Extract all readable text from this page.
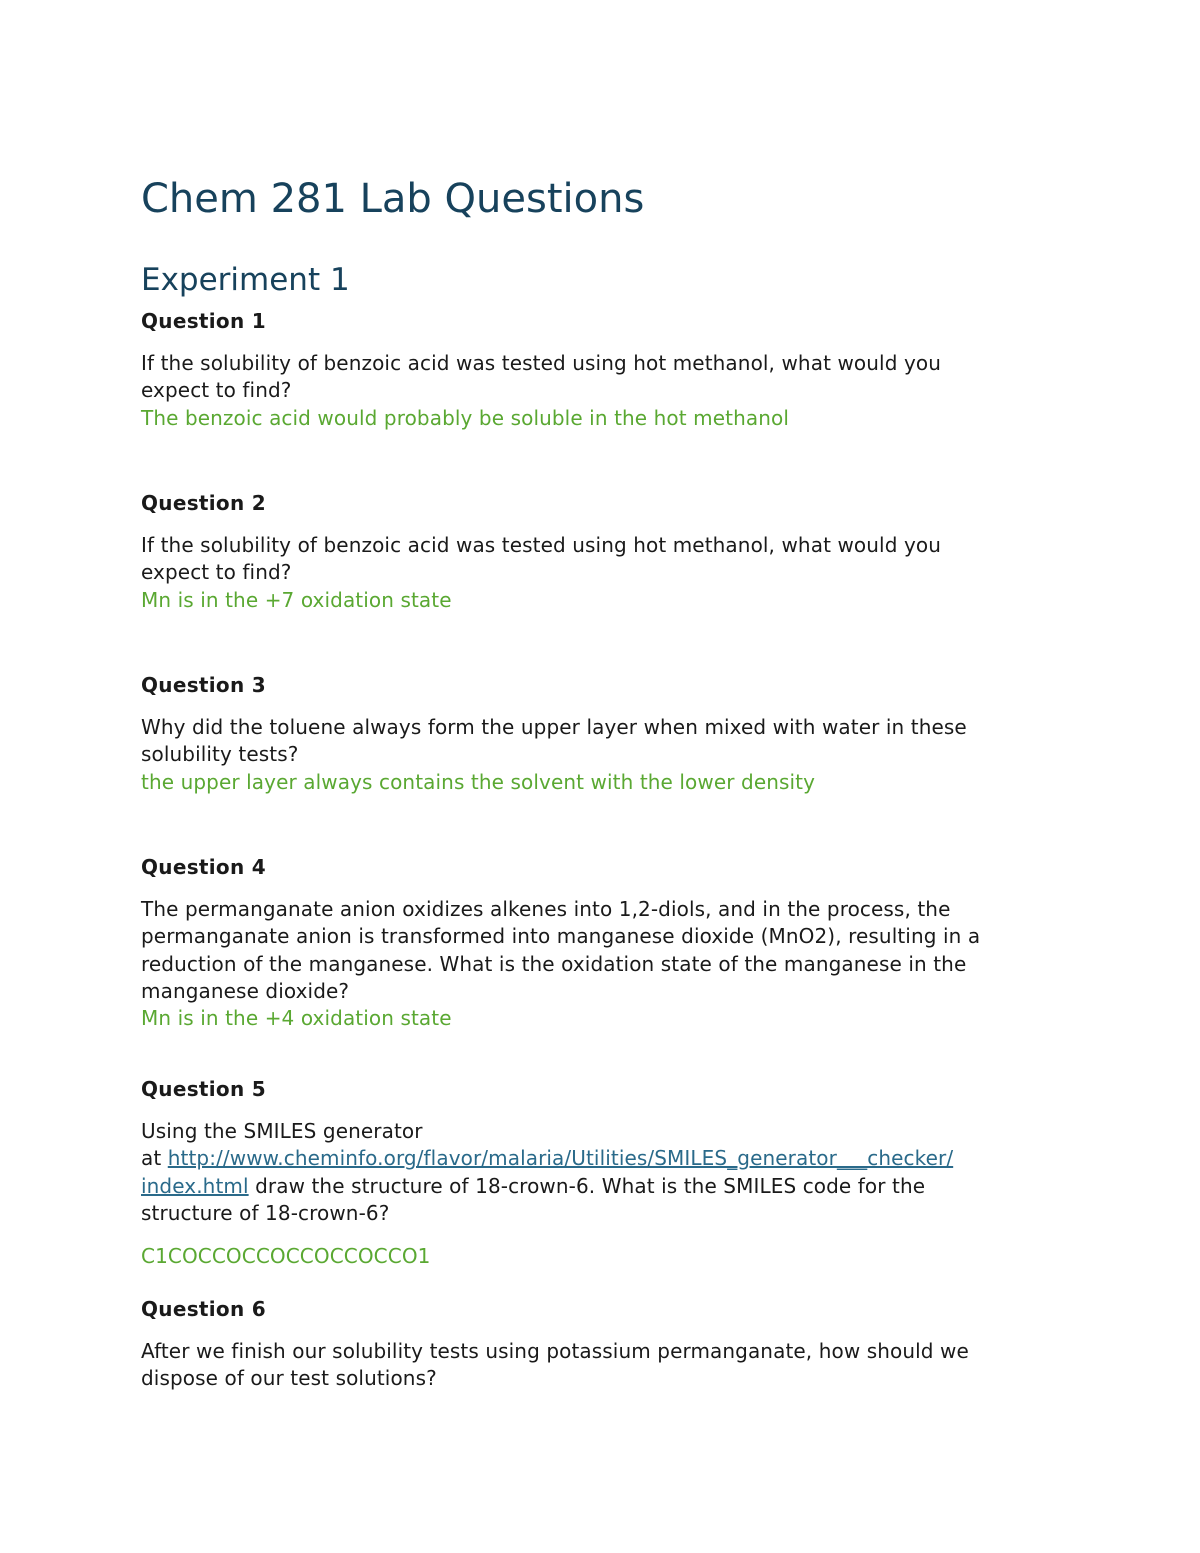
Chem 281 Lab Questions
Experiment 1
Question 1
If the solubility of benzoic acid was tested using hot methanol, what would you
expect to find?
The benzoic acid would probably be soluble in the hot methanol
Question 2
If the solubility of benzoic acid was tested using hot methanol, what would you
expect to find?
Mn is in the +7 oxidation state
Question 3
Why did the toluene always form the upper layer when mixed with water in these
solubility tests?
the upper layer always contains the solvent with the lower density
Question 4
The permanganate anion oxidizes alkenes into 1,2-diols, and in the process, the
permanganate anion is transformed into manganese dioxide (MnO2), resulting in a
reduction of the manganese. What is the oxidation state of the manganese in the
manganese dioxide?
Mn is in the +4 oxidation state
Question 5
Using the SMILES generator
at http://www.cheminfo.org/flavor/malaria/Utilities/SMILES_generator___checker/
index.html draw the structure of 18-crown-6. What is the SMILES code for the
structure of 18-crown-6?
C1COCCOCCOCCOCCOCCO1
Question 6
After we finish our solubility tests using potassium permanganate, how should we
dispose of our test solutions?
